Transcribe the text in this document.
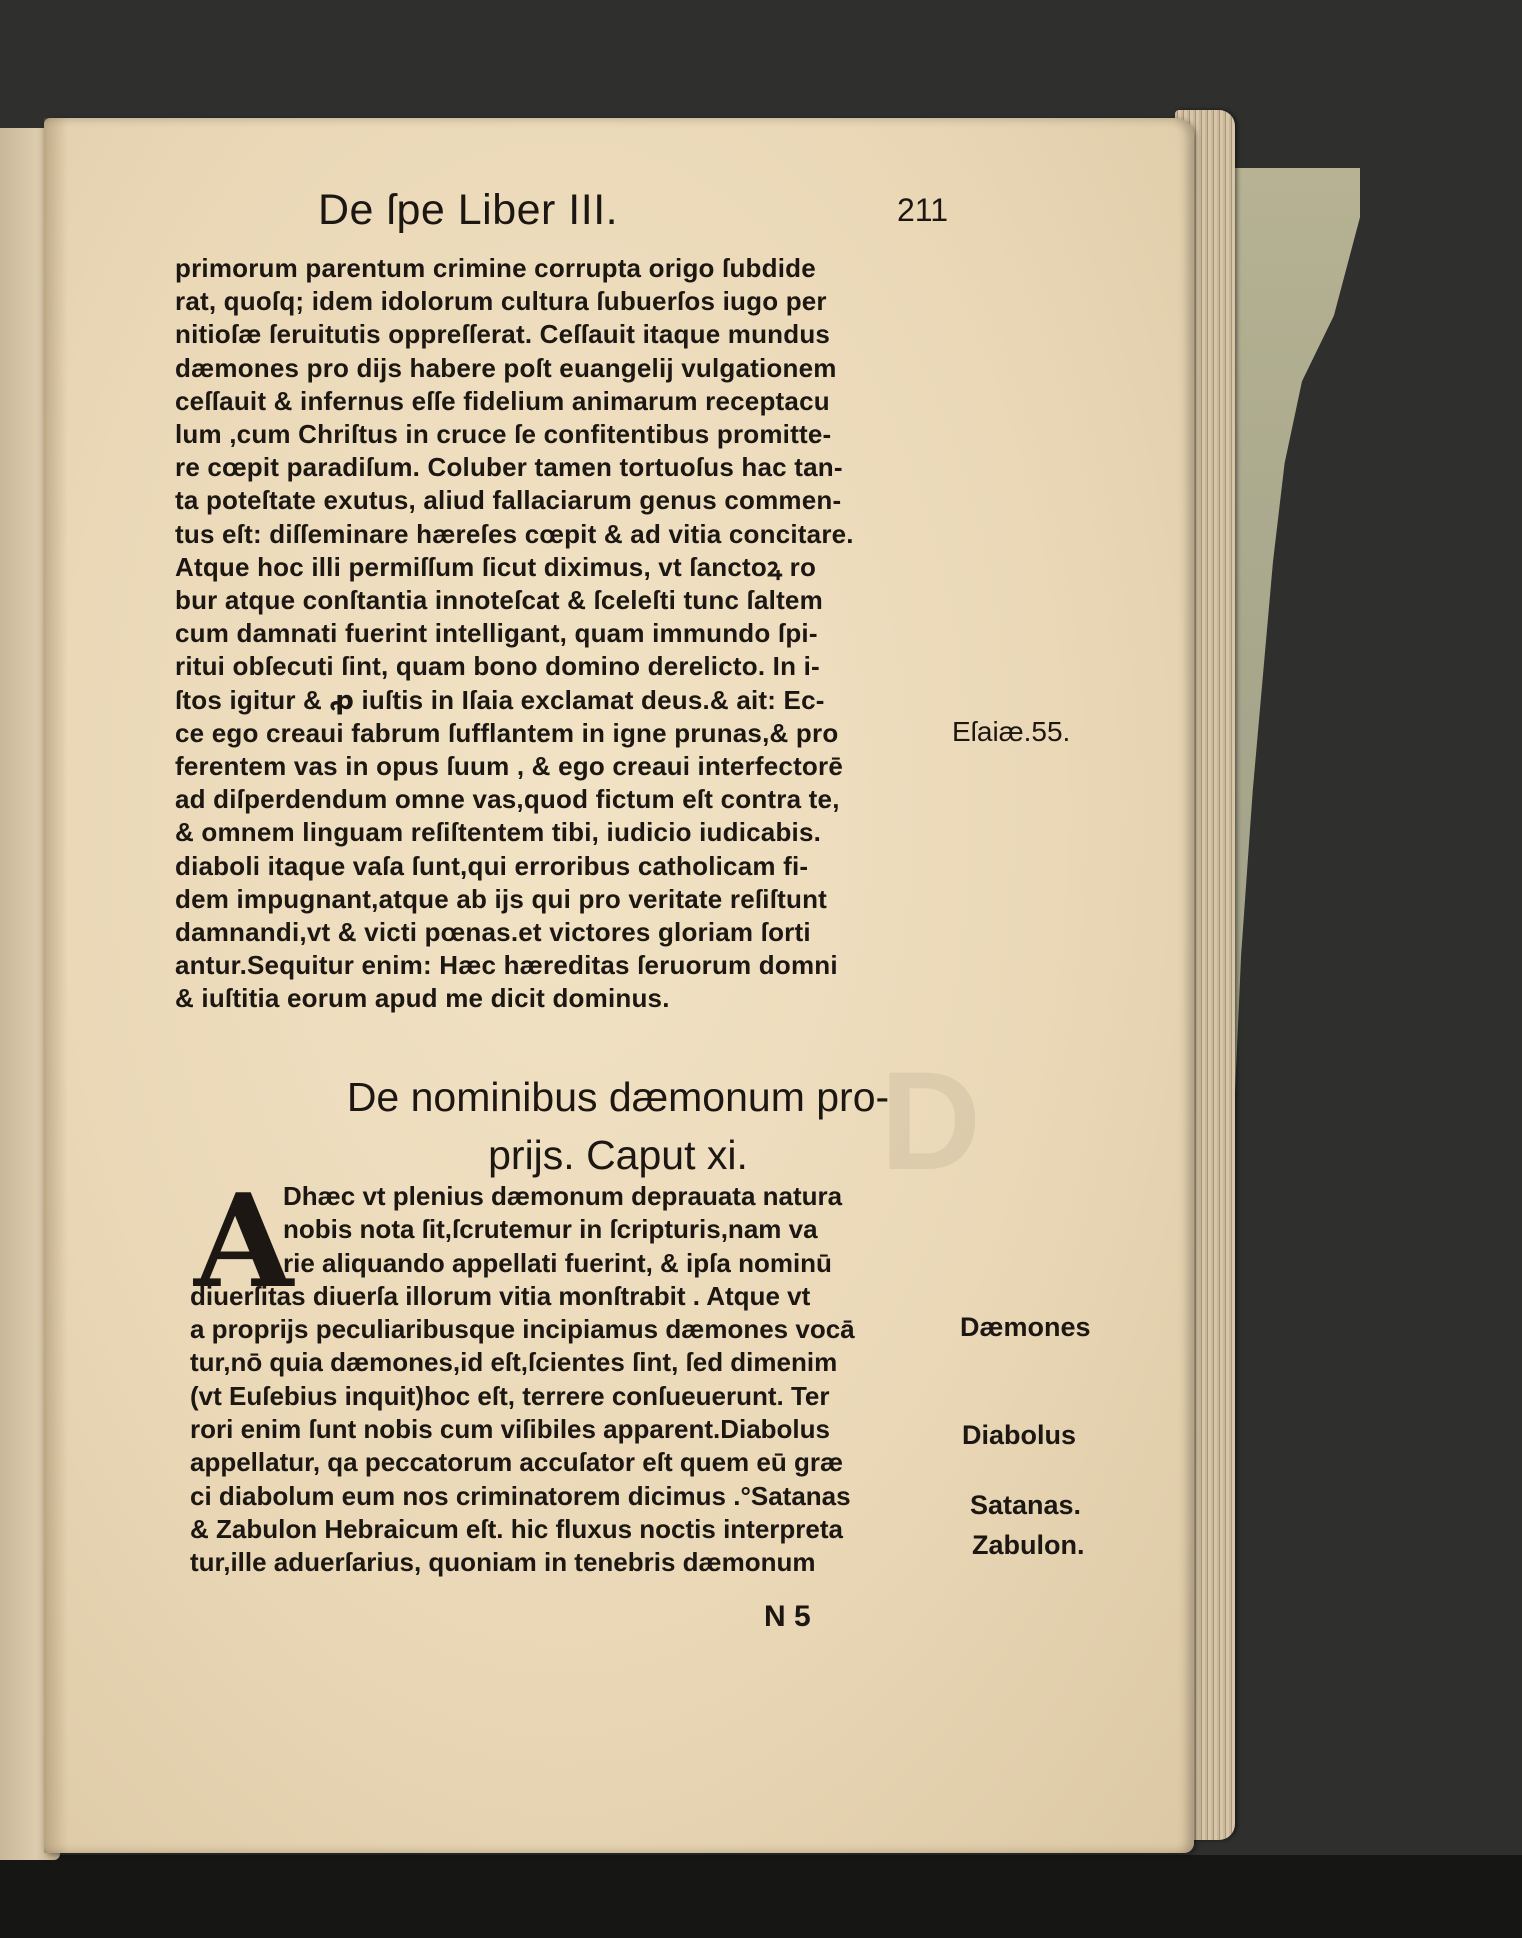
D
De ſpe Liber III.	211
primorum parentum crimine corrupta origo ſubdide
rat, quoſq; idem idolorum cultura ſubuerſos iugo per
nitioſæ ſeruitutis oppreſſerat. Ceſſauit itaque mundus
dæmones pro dijs habere poſt euangelij vulgationem
ceſſauit & infernus eſſe fidelium animarum receptacu
lum ,cum Chriſtus in cruce ſe confitentibus promitte-
re cœpit paradiſum. Coluber tamen tortuoſus hac tan-
ta poteſtate exutus, aliud fallaciarum genus commen-
tus eſt: diſſeminare hæreſes cœpit & ad vitia concitare.
Atque hoc illi permiſſum ſicut diximus, vt ſanctoꝝ ro
bur atque conſtantia innoteſcat & ſceleſti tunc ſaltem
cum damnati fuerint intelligant, quam immundo ſpi-
ritui obſecuti ſint, quam bono domino derelicto. In i-
ſtos igitur & ꝓ iuſtis in Iſaia exclamat deus.& ait: Ec-
ce ego creaui fabrum ſufflantem in igne prunas,& pro
ferentem vas in opus ſuum , & ego creaui interfectorē
ad diſperdendum omne vas,quod fictum eſt contra te,
& omnem linguam reſiſtentem tibi, iudicio iudicabis.
diaboli itaque vaſa ſunt,qui erroribus catholicam fi-
dem impugnant,atque ab ijs qui pro veritate reſiſtunt
damnandi,vt & victi pœnas.et victores gloriam ſorti
antur.Sequitur enim: Hæc hæreditas ſeruorum domni
& iuſtitia eorum apud me dicit dominus.
De nominibus dæmonum pro-
prijs. Caput xi.
A
Dhæc vt plenius dæmonum deprauata natura
nobis nota ſit,ſcrutemur in ſcripturis,nam va
rie aliquando appellati fuerint, & ipſa nominū
diuerſitas diuerſa illorum vitia monſtrabit . Atque vt
a proprijs peculiaribusque incipiamus dæmones vocā
tur,nō quia dæmones,id eſt,ſcientes ſint, ſed dimenim
(vt Euſebius inquit)hoc eſt, terrere conſueuerunt. Ter
rori enim ſunt nobis cum viſibiles apparent.Diabolus
appellatur, qa peccatorum accuſator eſt quem eū græ
ci diabolum eum nos criminatorem dicimus .°Satanas
& Zabulon Hebraicum eſt. hic fluxus noctis interpreta
tur,ille aduerſarius, quoniam in tenebris dæmonum
N 5
Eſaiæ.55.
Dæmones
Diabolus
Satanas.
Zabulon.
